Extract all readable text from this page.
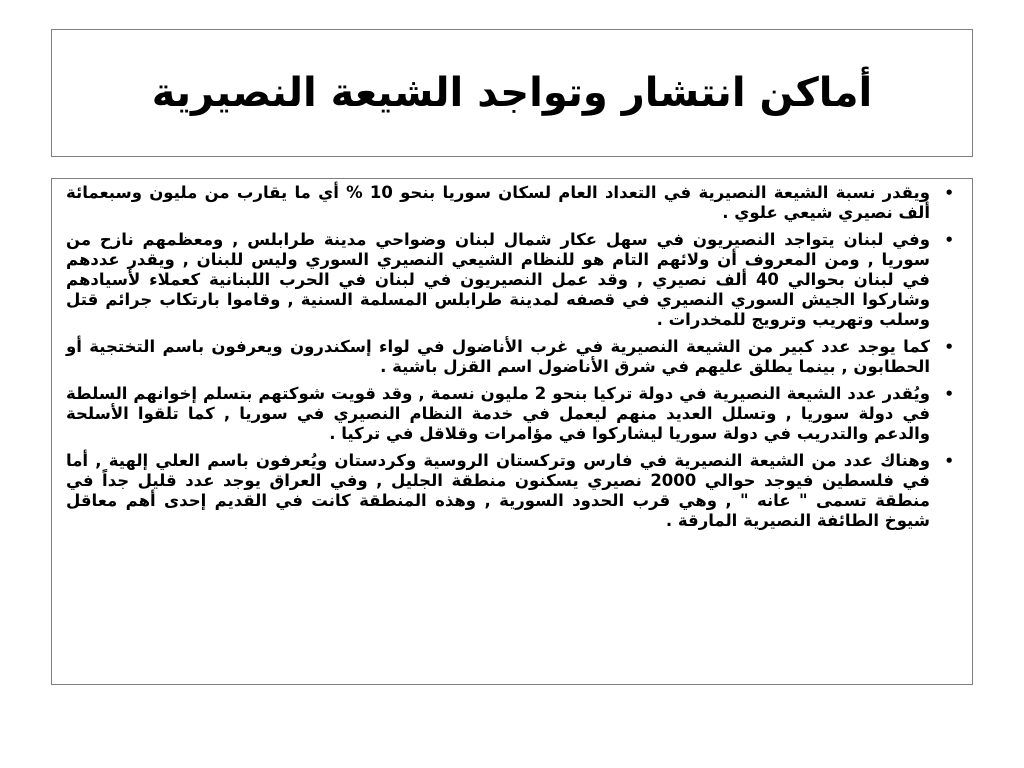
أماكن انتشار وتواجد الشيعة النصيرية
•
ويقدر نسبة الشيعة النصيرية في التعداد العام لسكان سوريا بنحو 10 % أي ما يقارب من مليون وسبعمائة ألف نصيري شيعي علوي .
•
وفي لبنان يتواجد النصيريون في سهل عكار شمال لبنان وضواحي مدينة طرابلس , ومعظمهم نازح من سوريا , ومن المعروف أن ولائهم التام هو للنظام الشيعي النصيري السوري وليس للبنان , ويقدر عددهم في لبنان بحوالي 40 ألف نصيري , وقد عمل النصيريون في لبنان في الحرب اللبنانية كعملاء لأسيادهم وشاركوا الجيش السوري النصيري في قصفه لمدينة طرابلس المسلمة السنية , وقاموا بارتكاب جرائم قتل وسلب وتهريب وترويج للمخدرات .
•
كما يوجد عدد كبير من الشيعة النصيرية في غرب الأناضول في لواء إسكندرون ويعرفون باسم التختجية أو الحطابون , بينما يطلق عليهم في شرق الأناضول اسم القزل باشية .
•
ويُقدر عدد الشيعة النصيرية في دولة تركيا بنحو 2 مليون نسمة , وقد قويت شوكتهم بتسلم إخوانهم السلطة في دولة سوريا , وتسلل العديد منهم ليعمل في خدمة النظام النصيري في سوريا , كما تلقوا الأسلحة والدعم والتدريب في دولة سوريا ليشاركوا في مؤامرات وقلاقل في تركيا .
•
وهناك عدد من الشيعة النصيرية في فارس وتركستان الروسية وكردستان ويُعرفون باسم العلي إلهية , أما في فلسطين فيوجد حوالي 2000 نصيري يسكنون منطقة الجليل , وفي العراق يوجد عدد قليل جداً في منطقة تسمى " عانه " , وهي قرب الحدود السورية , وهذه المنطقة كانت في القديم إحدى أهم معاقل شيوخ الطائفة النصيرية المارقة .
